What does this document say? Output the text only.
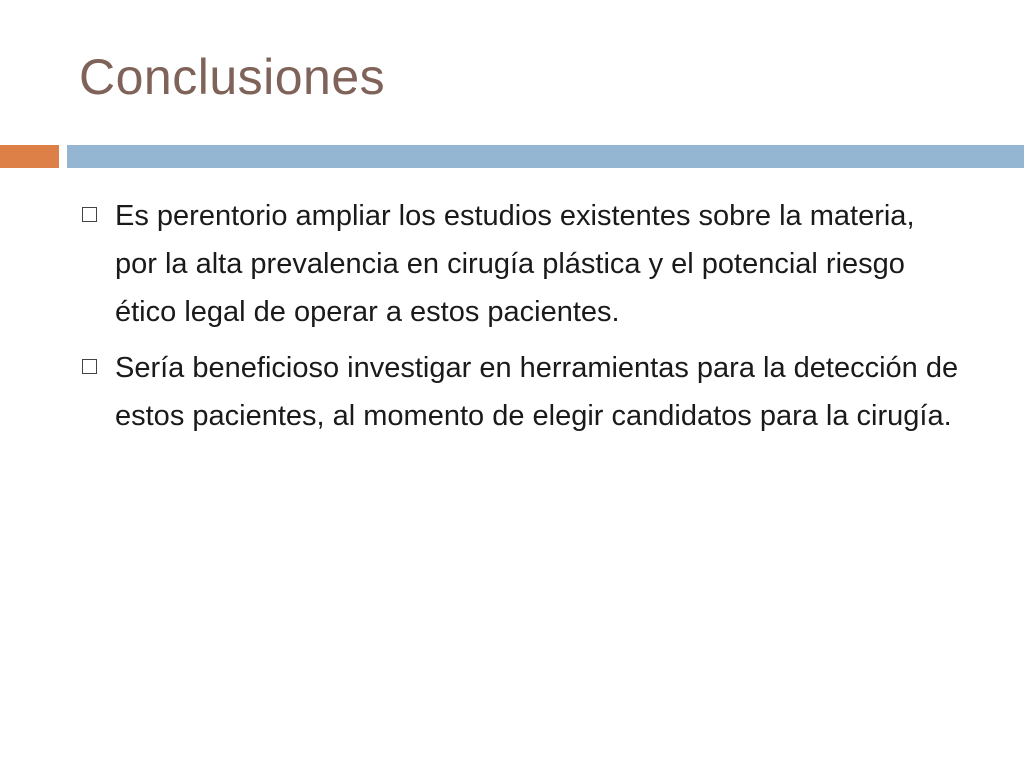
Conclusiones
Es perentorio ampliar los estudios existentes sobre la materia, por la alta prevalencia en cirugía plástica y el potencial riesgo ético legal de operar a estos pacientes.
Sería beneficioso investigar en herramientas para la detección de estos pacientes, al momento de elegir candidatos para la cirugía.
